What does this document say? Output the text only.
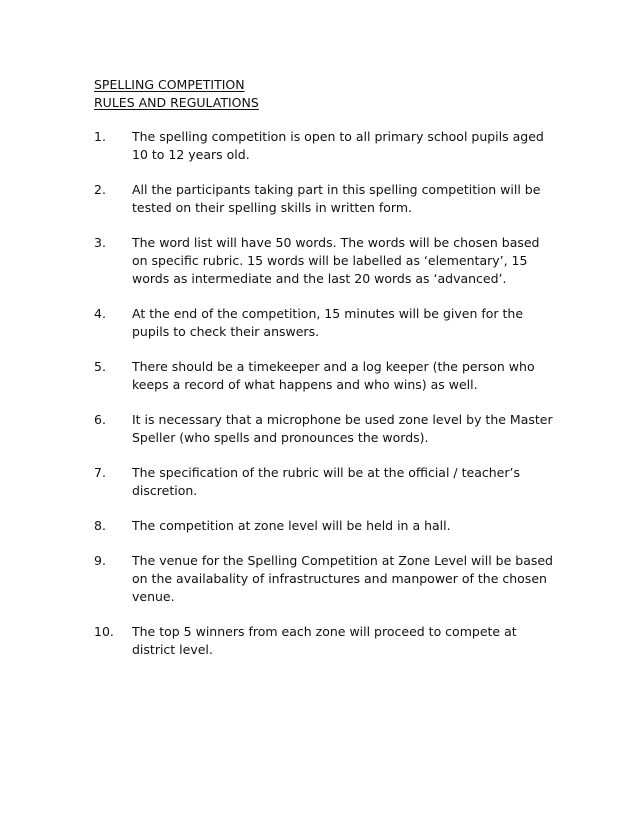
SPELLING COMPETITION
RULES AND REGULATIONS
1.	The spelling competition is open to all primary school pupils aged 10 to 12 years old.
2.	All the participants taking part in this spelling competition will be tested on their spelling skills in written form.
3.	The word list will have 50 words. The words will be chosen based on specific rubric. 15 words will be labelled as ‘elementary’, 15 words as intermediate and the last 20 words as ‘advanced’.
4.	At the end of the competition, 15 minutes will be given for the pupils to check their answers.
5.	There should be a timekeeper and a log keeper (the person who keeps a record of what happens and who wins) as well.
6.	It is necessary that a microphone be used zone level by the Master Speller (who spells and pronounces the words).
7.	The specification of the rubric will be at the official / teacher’s discretion.
8.	The competition at zone level will be held in a hall.
9.	The venue for the Spelling Competition at Zone Level will be based on the availabality of infrastructures and manpower of the chosen venue.
10.	The top 5 winners from each zone will proceed to compete at district level.
